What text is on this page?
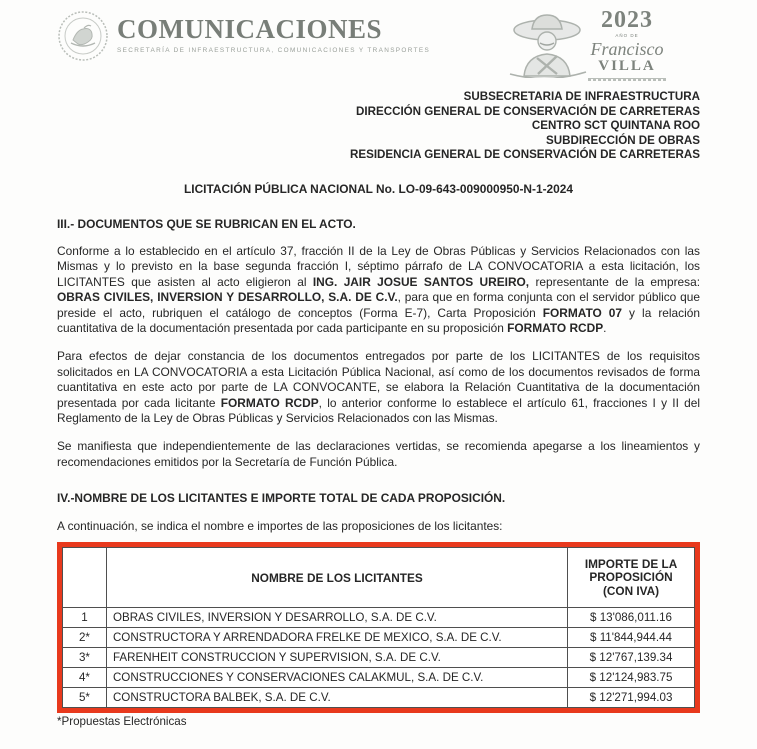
COMUNICACIONES
SECRETARÍA DE INFRAESTRUCTURA, COMUNICACIONES Y TRANSPORTES
2023
AÑO DE
Francisco
VILLA
SUBSECRETARIA DE INFRAESTRUCTURA
DIRECCIÓN GENERAL DE CONSERVACIÓN DE CARRETERAS
CENTRO SCT QUINTANA ROO
SUBDIRECCIÓN DE OBRAS
RESIDENCIA GENERAL DE CONSERVACIÓN DE CARRETERAS
LICITACIÓN PÚBLICA NACIONAL No. LO-09-643-009000950-N-1-2024
III.- DOCUMENTOS QUE SE RUBRICAN EN EL ACTO.

Conforme a lo establecido en el artículo 37, fracción II de la Ley de Obras Públicas y Servicios Relacionados con las Mismas y lo previsto en la base segunda fracción I, séptimo párrafo de LA CONVOCATORIA a esta licitación, los LICITANTES que asisten al acto eligieron al ING. JAIR JOSUE SANTOS UREIRO, representante de la empresa: OBRAS CIVILES, INVERSION Y DESARROLLO, S.A. DE C.V., para que en forma conjunta con el servidor público que preside el acto, rubriquen el catálogo de conceptos (Forma E-7), Carta Proposición FORMATO 07 y la relación cuantitativa de la documentación presentada por cada participante en su proposición FORMATO RCDP.

Para efectos de dejar constancia de los documentos entregados por parte de los LICITANTES de los requisitos solicitados en LA CONVOCATORIA a esta Licitación Pública Nacional, así como de los documentos revisados de forma cuantitativa en este acto por parte de LA CONVOCANTE, se elabora la Relación Cuantitativa de la documentación presentada por cada licitante FORMATO RCDP, lo anterior conforme lo establece el artículo 61, fracciones I y II del Reglamento de la Ley de Obras Públicas y Servicios Relacionados con las Mismas.

Se manifiesta que independientemente de las declaraciones vertidas, se recomienda apegarse a los lineamientos y recomendaciones emitidos por la Secretaría de Función Pública.

IV.-NOMBRE DE LOS LICITANTES E IMPORTE TOTAL DE CADA PROPOSICIÓN.
A continuación, se indica el nombre e importes de las proposiciones de los licitantes:
	NOMBRE DE LOS LICITANTES	IMPORTE DE LA PROPOSICIÓN (CON IVA)
1	OBRAS CIVILES, INVERSION Y DESARROLLO, S.A. DE C.V.	$ 13'086,011.16
2*	CONSTRUCTORA Y ARRENDADORA FRELKE DE MEXICO, S.A. DE C.V.	$ 11'844,944.44
3*	FARENHEIT CONSTRUCCION Y SUPERVISION, S.A. DE C.V.	$ 12'767,139.34
4*	CONSTRUCCIONES Y CONSERVACIONES CALAKMUL, S.A. DE C.V.	$ 12'124,983.75
5*	CONSTRUCTORA BALBEK, S.A. DE C.V.	$ 12'271,994.03
*Propuestas Electrónicas
